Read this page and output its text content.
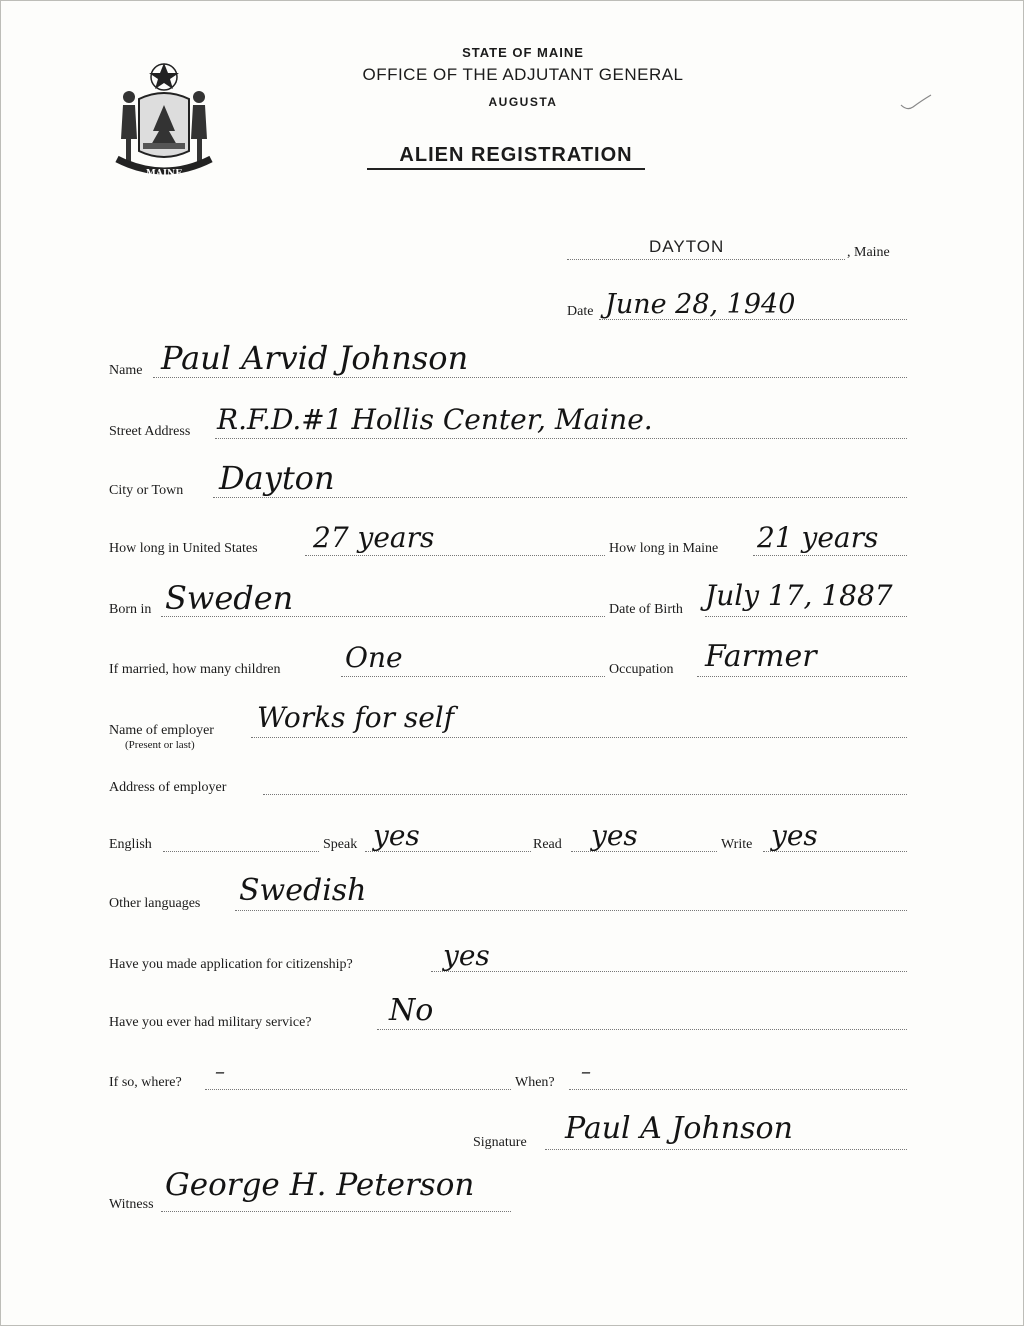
MAINE
STATE OF MAINE
OFFICE OF THE ADJUTANT GENERAL
AUGUSTA
ALIEN REGISTRATION
DAYTON	, Maine
Date June 28, 1940
Name Paul Arvid Johnson
Street Address R.F.D.#1 Hollis Center, Maine.
City or Town Dayton
How long in United States 27 years	How long in Maine 21 years
Born in Sweden	Date of Birth July 17, 1887
If married, how many children One	Occupation Farmer
Name of employer
(Present or last)
Works for self
Address of employer
English	Speak yes	Read yes	Write yes
Other languages Swedish
Have you made application for citizenship?	yes
Have you ever had military service?	No
If so, where? –	When? –
Signature Paul A Johnson
Witness
George H. Peterson
